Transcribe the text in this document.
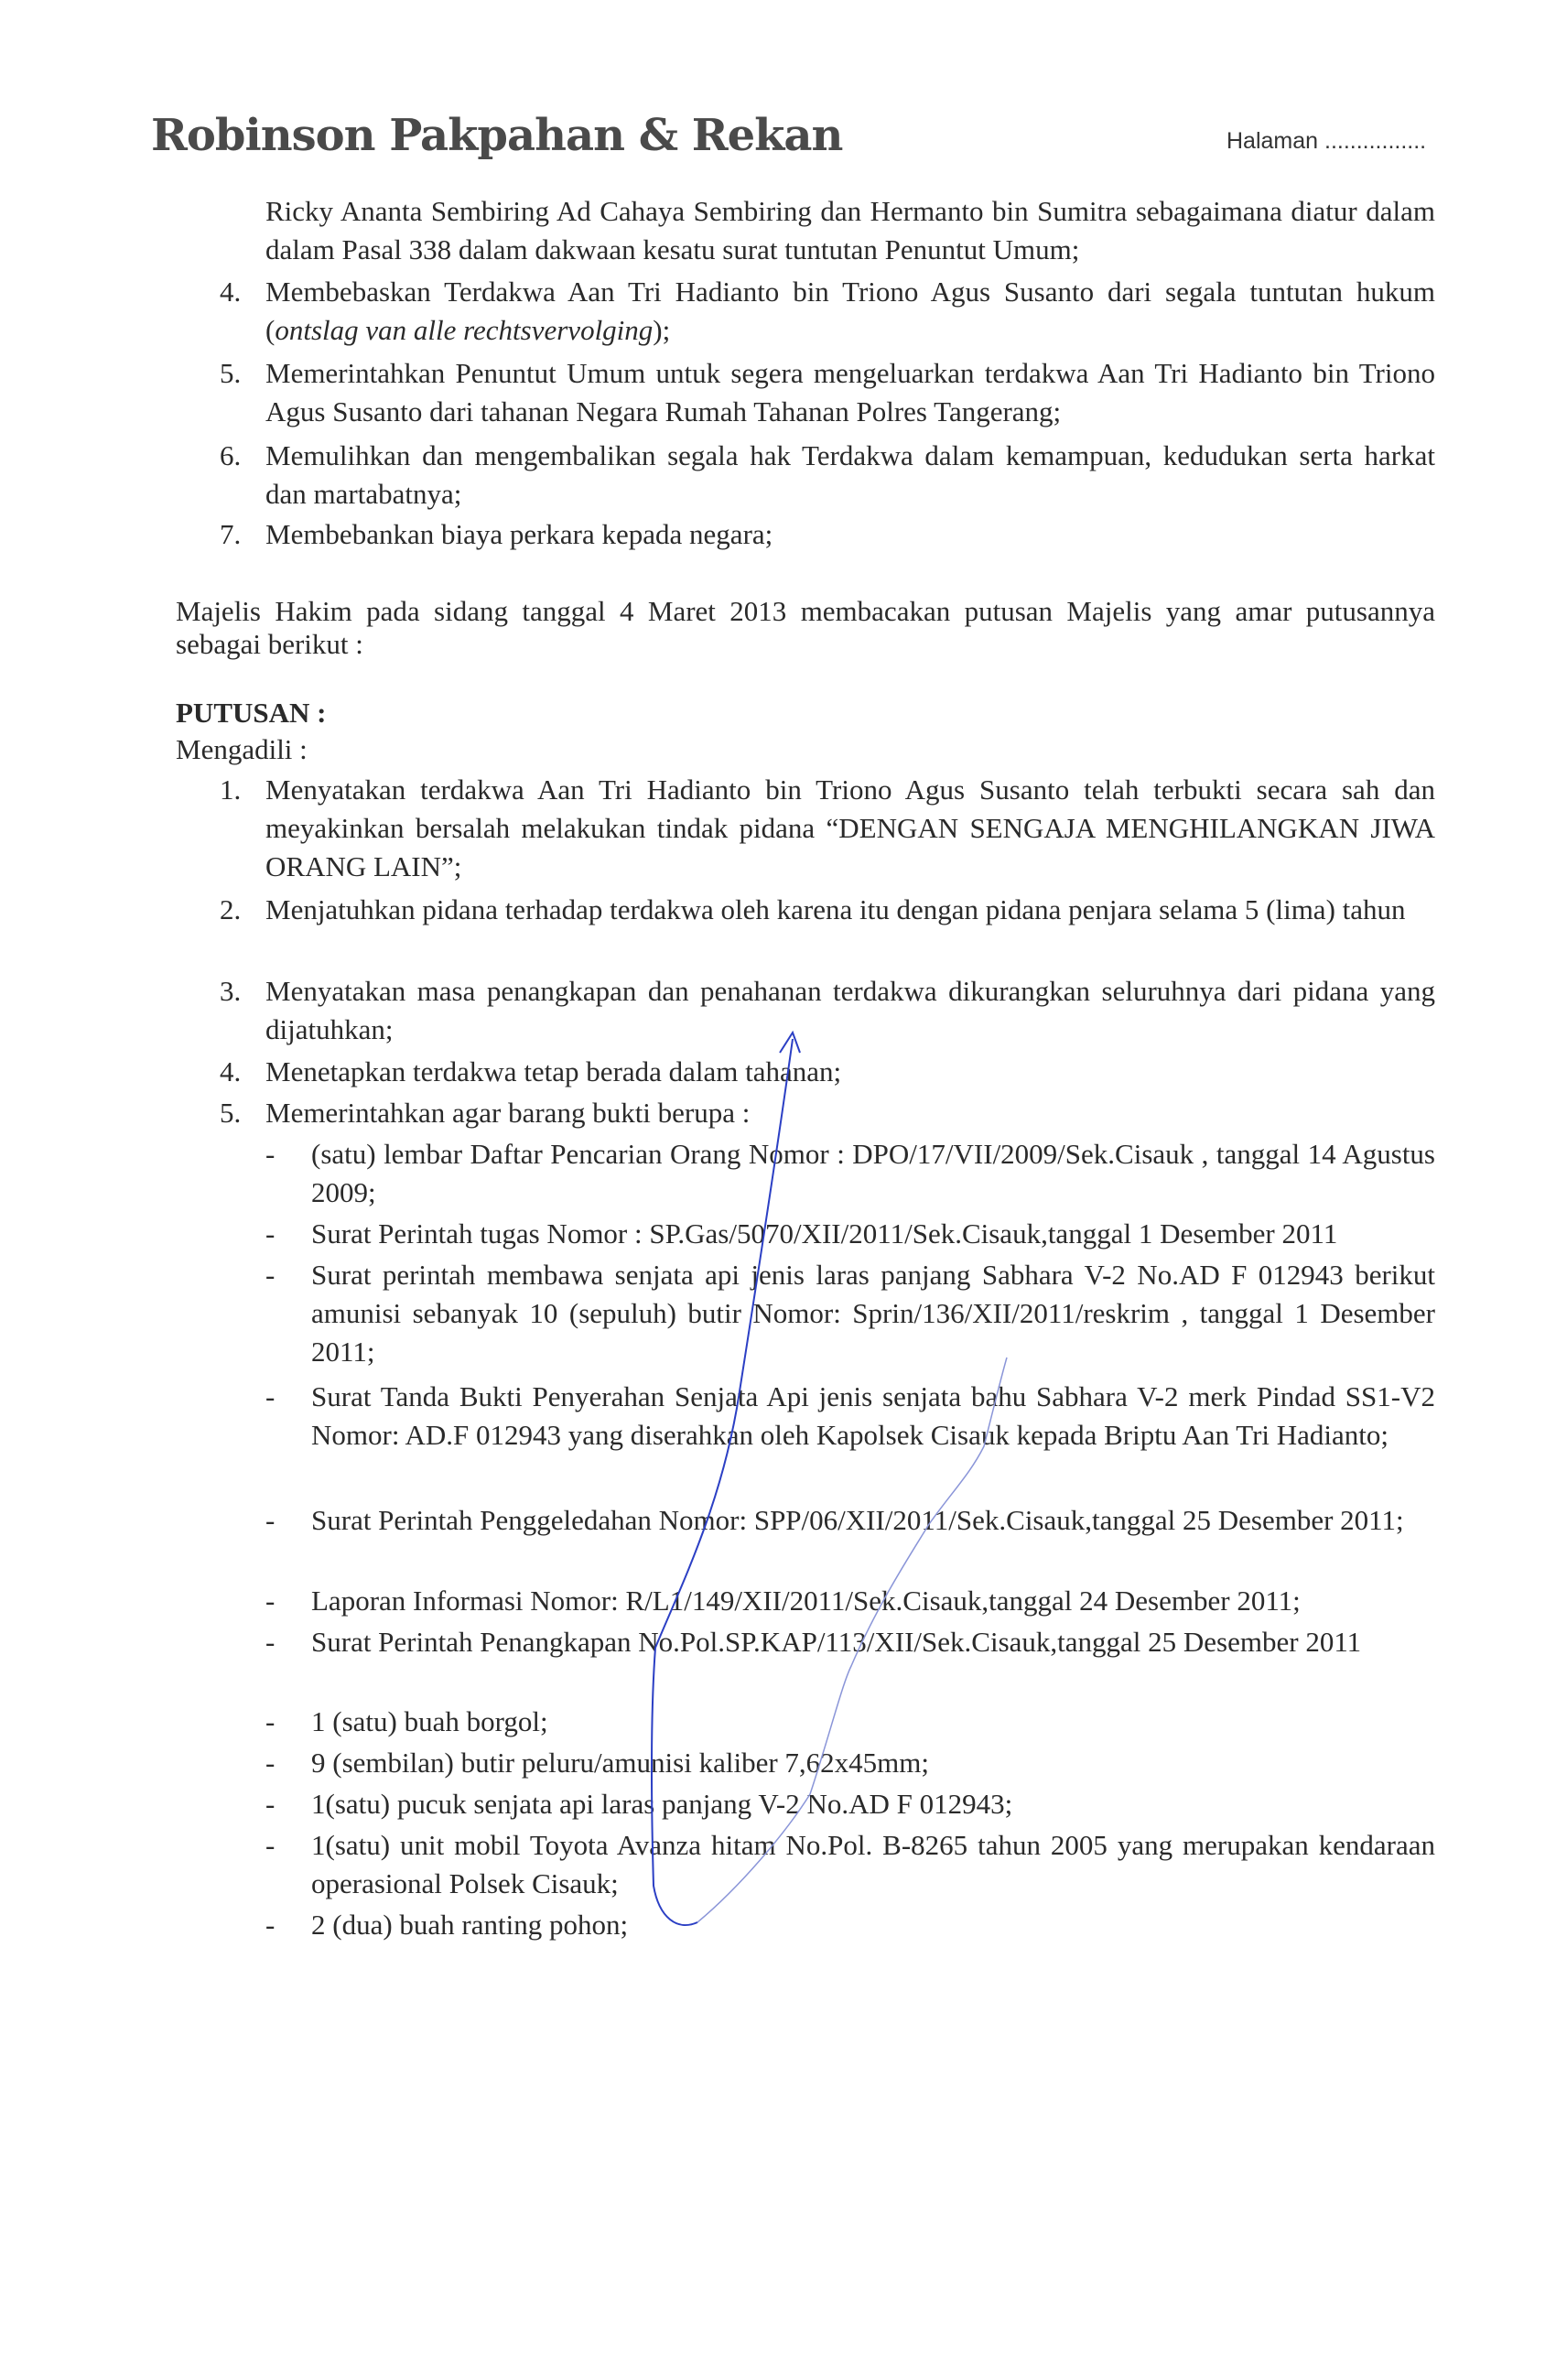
Robinson Pakpahan & Rekan	Halaman ................
Ricky Ananta Sembiring Ad Cahaya Sembiring dan Hermanto bin Sumitra sebagaimana diatur dalam dalam Pasal 338 dalam dakwaan kesatu surat tuntutan Penuntut Umum;
4. Membebaskan Terdakwa Aan Tri Hadianto bin Triono Agus Susanto dari segala tuntutan hukum (ontslag van alle rechtsvervolging);
5. Memerintahkan Penuntut Umum untuk segera mengeluarkan terdakwa Aan Tri Hadianto bin Triono Agus Susanto dari tahanan Negara Rumah Tahanan Polres Tangerang;
6. Memulihkan dan mengembalikan segala hak Terdakwa dalam kemampuan, kedudukan serta harkat dan martabatnya;
7. Membebankan biaya perkara kepada negara;
Majelis Hakim pada sidang tanggal 4 Maret 2013 membacakan putusan Majelis yang amar putusannya sebagai berikut :
PUTUSAN :
Mengadili :
1. Menyatakan terdakwa Aan Tri Hadianto bin Triono Agus Susanto telah terbukti secara sah dan meyakinkan bersalah melakukan tindak pidana “DENGAN SENGAJA MENGHILANGKAN JIWA ORANG LAIN”;
2. Menjatuhkan pidana terhadap terdakwa oleh karena itu dengan pidana penjara selama 5 (lima) tahun
3. Menyatakan masa penangkapan dan penahanan terdakwa dikurangkan seluruhnya dari pidana yang dijatuhkan;
4. Menetapkan terdakwa tetap berada dalam tahanan;
5. Memerintahkan agar barang bukti berupa :
- (satu) lembar Daftar Pencarian Orang Nomor : DPO/17/VII/2009/Sek.Cisauk , tanggal 14 Agustus 2009;
- Surat Perintah tugas Nomor : SP.Gas/5070/XII/2011/Sek.Cisauk,tanggal 1 Desember 2011
- Surat perintah membawa senjata api jenis laras panjang Sabhara V-2 No.AD F 012943 berikut amunisi sebanyak 10 (sepuluh) butir Nomor: Sprin/136/XII/2011/reskrim , tanggal 1 Desember 2011;
- Surat Tanda Bukti Penyerahan Senjata Api jenis senjata bahu Sabhara V-2 merk Pindad SS1-V2 Nomor: AD.F 012943 yang diserahkan oleh Kapolsek Cisauk kepada Briptu Aan Tri Hadianto;
- Surat Perintah Penggeledahan Nomor: SPP/06/XII/2011/Sek.Cisauk,tanggal 25 Desember 2011;
- Laporan Informasi Nomor: R/L1/149/XII/2011/Sek.Cisauk,tanggal 24 Desember 2011;
- Surat Perintah Penangkapan No.Pol.SP.KAP/113/XII/Sek.Cisauk,tanggal 25 Desember 2011
- 1 (satu) buah borgol;
- 9 (sembilan) butir peluru/amunisi kaliber 7,62x45mm;
- 1(satu) pucuk senjata api laras panjang V-2 No.AD F 012943;
- 1(satu) unit mobil Toyota Avanza hitam No.Pol. B-8265 tahun 2005 yang merupakan kendaraan operasional Polsek Cisauk;
- 2 (dua) buah ranting pohon;
